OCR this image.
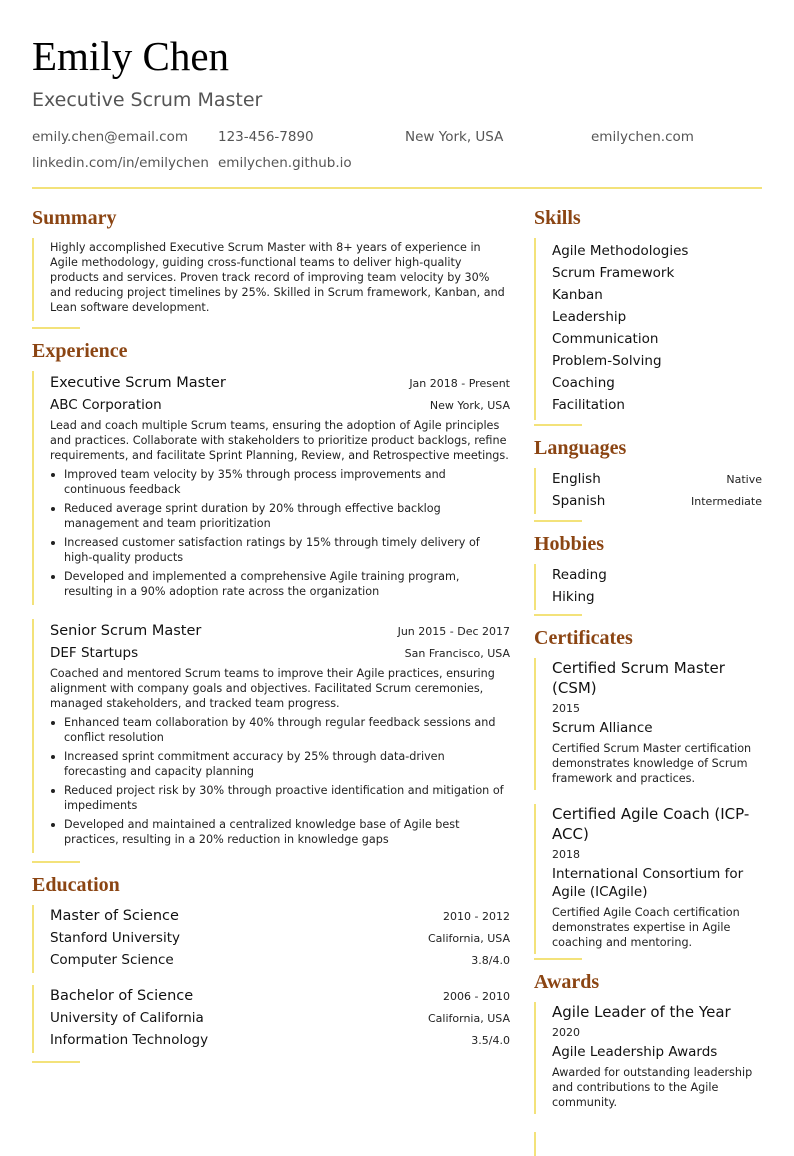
Emily Chen
Executive Scrum Master
emily.chen@email.com 123-456-7890	New York, USA	emilychen.com
linkedin.com/in/emilychen emilychen.github.io
Summary
Highly accomplished Executive Scrum Master with 8+ years of experience in Agile methodology, guiding cross-functional teams to deliver high-quality products and services. Proven track record of improving team velocity by 30% and reducing project timelines by 25%. Skilled in Scrum framework, Kanban, and Lean software development.
Experience
Executive Scrum Master	Jan 2018 - Present
ABC Corporation	New York, USA
Lead and coach multiple Scrum teams, ensuring the adoption of Agile principles and practices. Collaborate with stakeholders to prioritize product backlogs, refine requirements, and facilitate Sprint Planning, Review, and Retrospective meetings.
Improved team velocity by 35% through process improvements and continuous feedback
Reduced average sprint duration by 20% through effective backlog management and team prioritization
Increased customer satisfaction ratings by 15% through timely delivery of high-quality products
Developed and implemented a comprehensive Agile training program, resulting in a 90% adoption rate across the organization
Senior Scrum Master	Jun 2015 - Dec 2017
DEF Startups	San Francisco, USA
Coached and mentored Scrum teams to improve their Agile practices, ensuring alignment with company goals and objectives. Facilitated Scrum ceremonies, managed stakeholders, and tracked team progress.
Enhanced team collaboration by 40% through regular feedback sessions and conflict resolution
Increased sprint commitment accuracy by 25% through data-driven forecasting and capacity planning
Reduced project risk by 30% through proactive identification and mitigation of impediments
Developed and maintained a centralized knowledge base of Agile best practices, resulting in a 20% reduction in knowledge gaps
Education
Master of Science	2010 - 2012
Stanford University	California, USA
Computer Science	3.8/4.0
Bachelor of Science	2006 - 2010
University of California	California, USA
Information Technology	3.5/4.0
Skills
Agile Methodologies
Scrum Framework
Kanban
Leadership
Communication
Problem-Solving
Coaching
Facilitation
Languages
English	Native
Spanish	Intermediate
Hobbies
Reading
Hiking
Certificates
Certified Scrum Master (CSM)
2015
Scrum Alliance
Certified Scrum Master certification demonstrates knowledge of Scrum framework and practices.
Certified Agile Coach (ICP-ACC)
2018
International Consortium for Agile (ICAgile)
Certified Agile Coach certification demonstrates expertise in Agile coaching and mentoring.
Awards
Agile Leader of the Year
2020
Agile Leadership Awards
Awarded for outstanding leadership and contributions to the Agile community.
